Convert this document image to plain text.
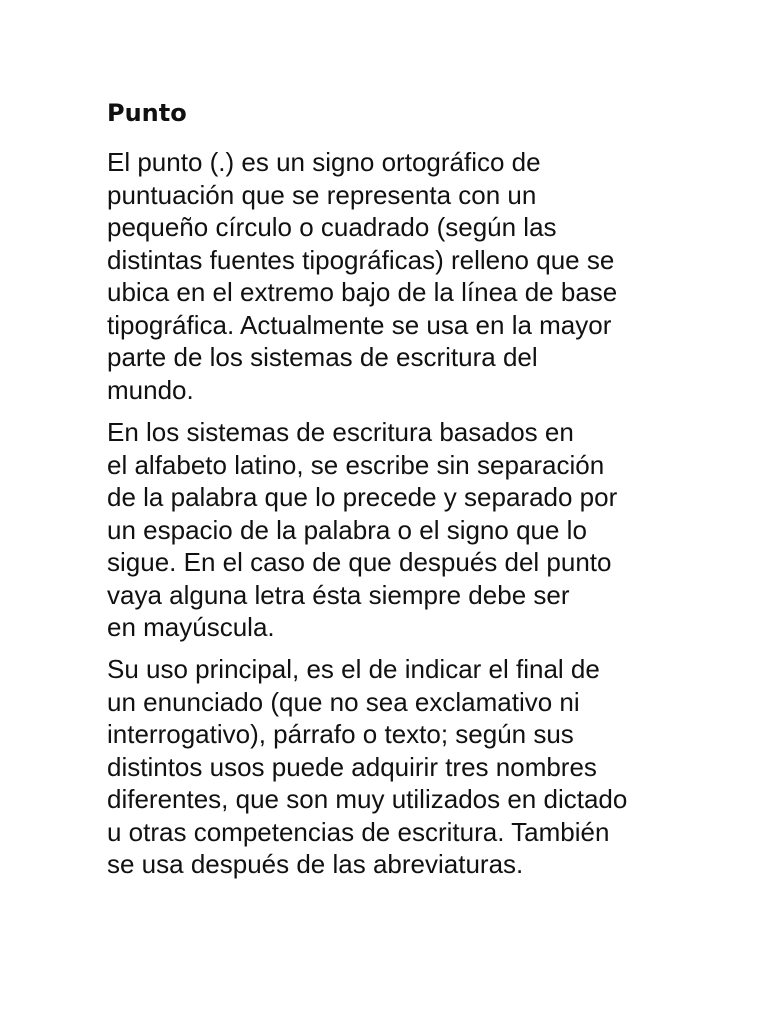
Punto

El punto (.) es un signo ortográfico de
puntuación que se representa con un
pequeño círculo o cuadrado (según las
distintas fuentes tipográficas) relleno que se
ubica en el extremo bajo de la línea de base
tipográfica. Actualmente se usa en la mayor
parte de los sistemas de escritura del
mundo.

En los sistemas de escritura basados en
el alfabeto latino, se escribe sin separación
de la palabra que lo precede y separado por
un espacio de la palabra o el signo que lo
sigue. En el caso de que después del punto
vaya alguna letra ésta siempre debe ser
en mayúscula.

Su uso principal, es el de indicar el final de
un enunciado (que no sea exclamativo ni
interrogativo), párrafo o texto; según sus
distintos usos puede adquirir tres nombres
diferentes, que son muy utilizados en dictado
u otras competencias de escritura. También
se usa después de las abreviaturas.
